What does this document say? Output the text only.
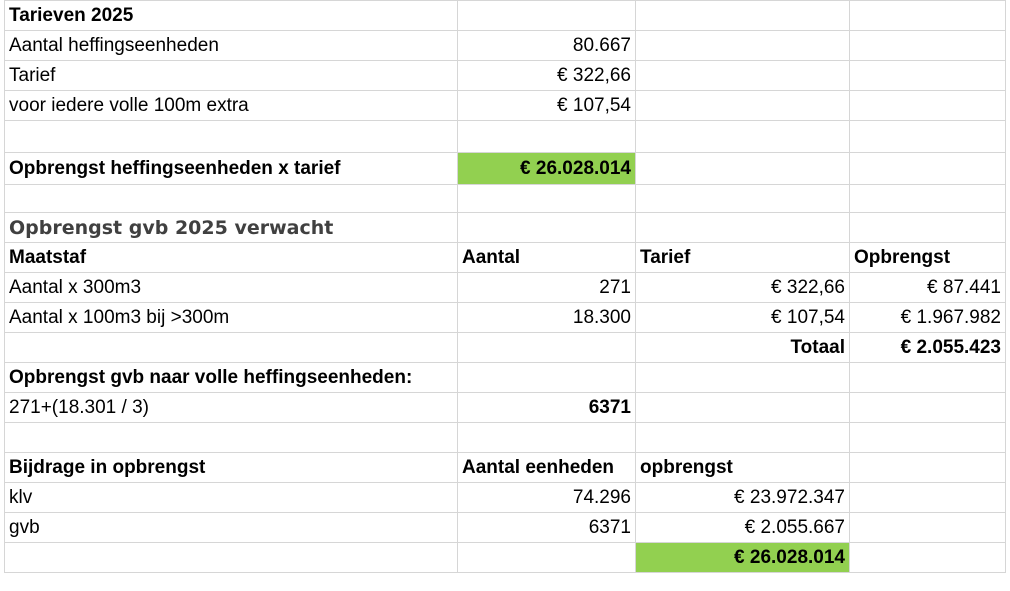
Tarieven 2025			
Aantal heffingseenheden	80.667		
Tarief	€ 322,66		
voor iedere volle 100m extra	€ 107,54		

Opbrengst heffingseenheden x tarief	€ 26.028.014		

Opbrengst gvb 2025 verwacht			
Maatstaf	Aantal	Tarief	Opbrengst
Aantal x 300m3	271	€ 322,66	€ 87.441
Aantal x 100m3 bij >300m	18.300	€ 107,54	€ 1.967.982
		Totaal	€ 2.055.423
Opbrengst gvb naar volle heffingseenheden:			
271+(18.301 / 3)	6371		

Bijdrage in opbrengst	Aantal eenheden	opbrengst	
klv	74.296	€ 23.972.347	
gvb	6371	€ 2.055.667	
		€ 26.028.014	
